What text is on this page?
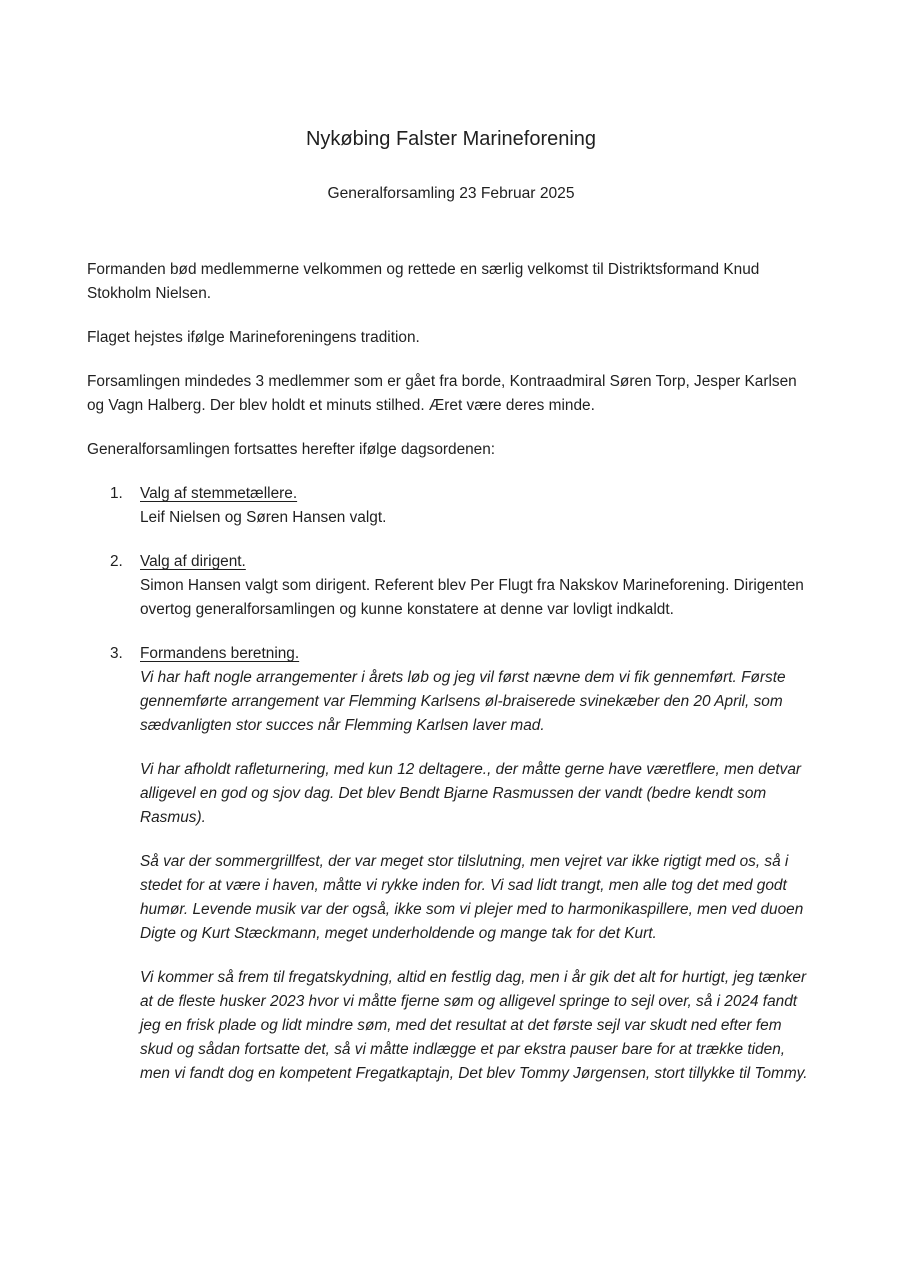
Nykøbing Falster Marineforening
Generalforsamling 23 Februar 2025

Formanden bød medlemmerne velkommen og rettede en særlig velkomst til Distriktsformand Knud Stokholm Nielsen.

Flaget hejstes ifølge Marineforeningens tradition.

Forsamlingen mindedes 3 medlemmer som er gået fra borde, Kontraadmiral Søren Torp, Jesper Karlsen og Vagn Halberg. Der blev holdt et minuts stilhed. Æret være deres minde.

Generalforsamlingen fortsattes herefter ifølge dagsordenen:

1.	Valg af stemmetællere.

Leif Nielsen og Søren Hansen valgt.

2.	Valg af dirigent.

Simon Hansen valgt som dirigent. Referent blev Per Flugt fra Nakskov Marineforening. Dirigenten overtog generalforsamlingen og kunne konstatere at denne var lovligt indkaldt.

3.	Formandens beretning.

Vi har haft nogle arrangementer i årets løb og jeg vil først nævne dem vi fik gennemført. Første gennemførte arrangement var Flemming Karlsens øl-braiserede svinekæber den 20 April, som sædvanligten stor succes når Flemming Karlsen laver mad.

Vi har afholdt rafleturnering, med kun 12 deltagere., der måtte gerne have væretflere, men detvar alligevel en god og sjov dag. Det blev Bendt Bjarne Rasmussen der vandt (bedre kendt som Rasmus).

Så var der sommergrillfest, der var meget stor tilslutning, men vejret var ikke rigtigt med os, så i stedet for at være i haven, måtte vi rykke inden for. Vi sad lidt trangt, men alle tog det med godt humør. Levende musik var der også, ikke som vi plejer med to harmonikaspillere, men ved duoen Digte og Kurt Stæckmann, meget underholdende og mange tak for det Kurt.

Vi kommer så frem til fregatskydning, altid en festlig dag, men i år gik det alt for hurtigt, jeg tænker at de fleste husker 2023 hvor vi måtte fjerne søm og alligevel springe to sejl over, så i 2024 fandt jeg en frisk plade og lidt mindre søm, med det resultat at det første sejl var skudt ned efter fem skud og sådan fortsatte det, så vi måtte indlægge et par ekstra pauser bare for at trække tiden, men vi fandt dog en kompetent Fregatkaptajn, Det blev Tommy Jørgensen, stort tillykke til Tommy.
